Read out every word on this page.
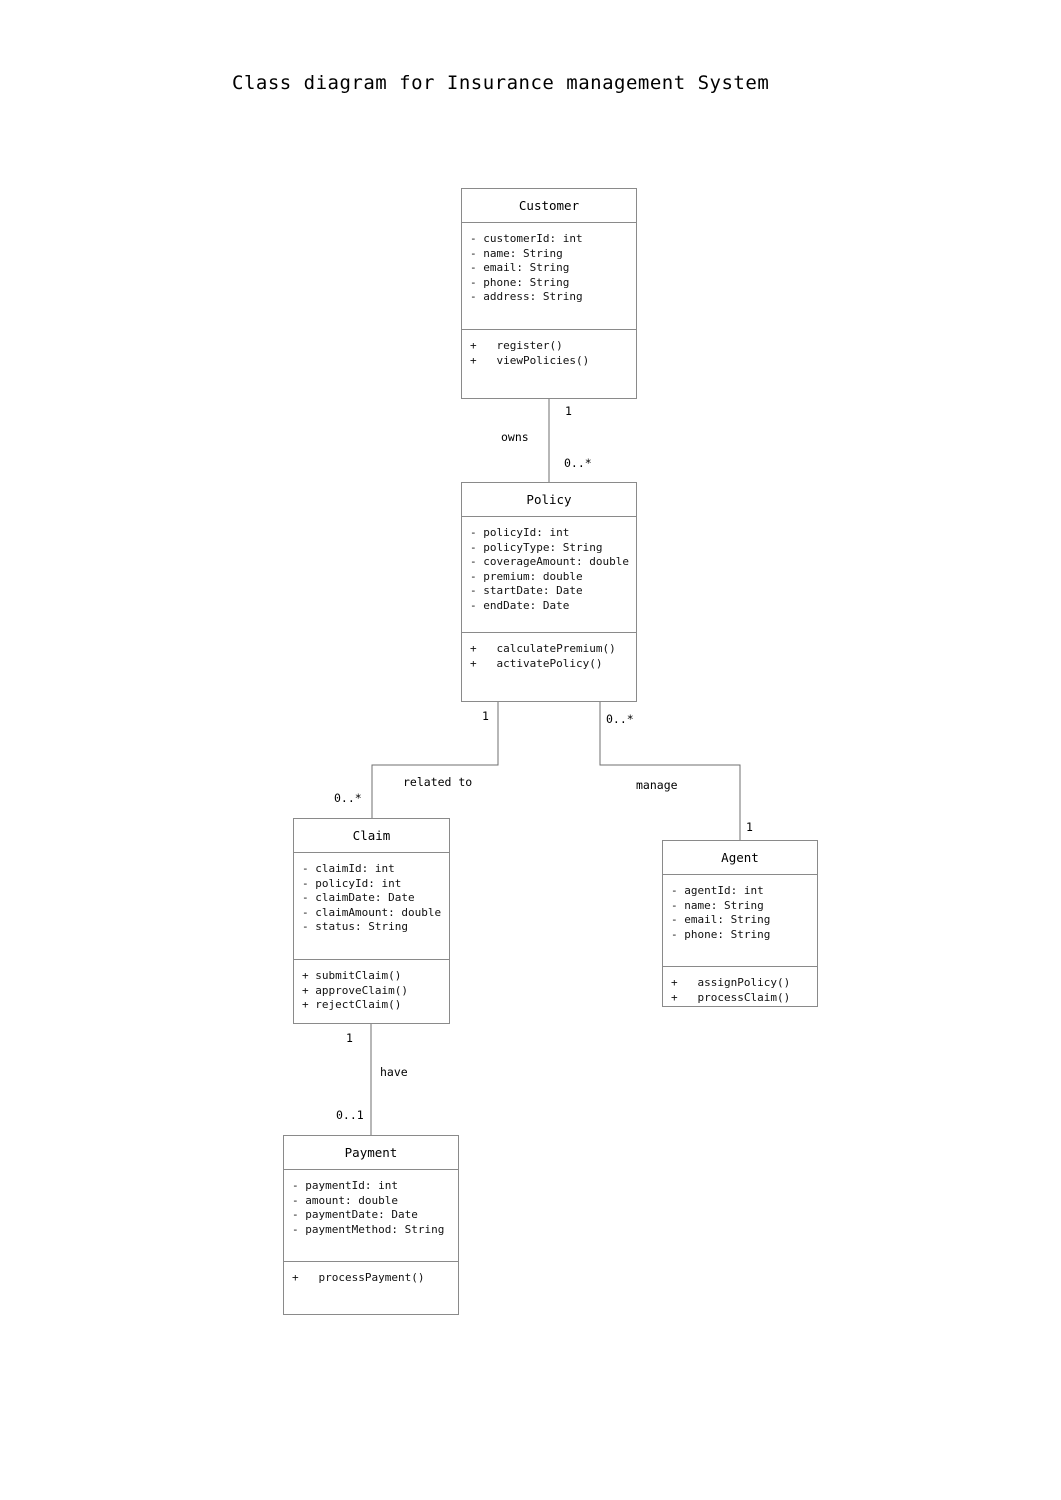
Class diagram for Insurance management System
Customer
- customerId: int
- name: String
- email: String
- phone: String
- address: String
+   register()
+   viewPolicies()
Policy
- policyId: int
- policyType: String
- coverageAmount: double
- premium: double
- startDate: Date
- endDate: Date
+   calculatePremium()
+   activatePolicy()
Claim
- claimId: int
- policyId: int
- claimDate: Date
- claimAmount: double
- status: String
+ submitClaim()
+ approveClaim()
+ rejectClaim()
Agent
- agentId: int
- name: String
- email: String
- phone: String
+   assignPolicy()
+   processClaim()
Payment
- paymentId: int
- amount: double
- paymentDate: Date
- paymentMethod: String
+   processPayment()
1
owns
0..*
1
related to
0..*
0..*
manage
1
1
have
0..1
